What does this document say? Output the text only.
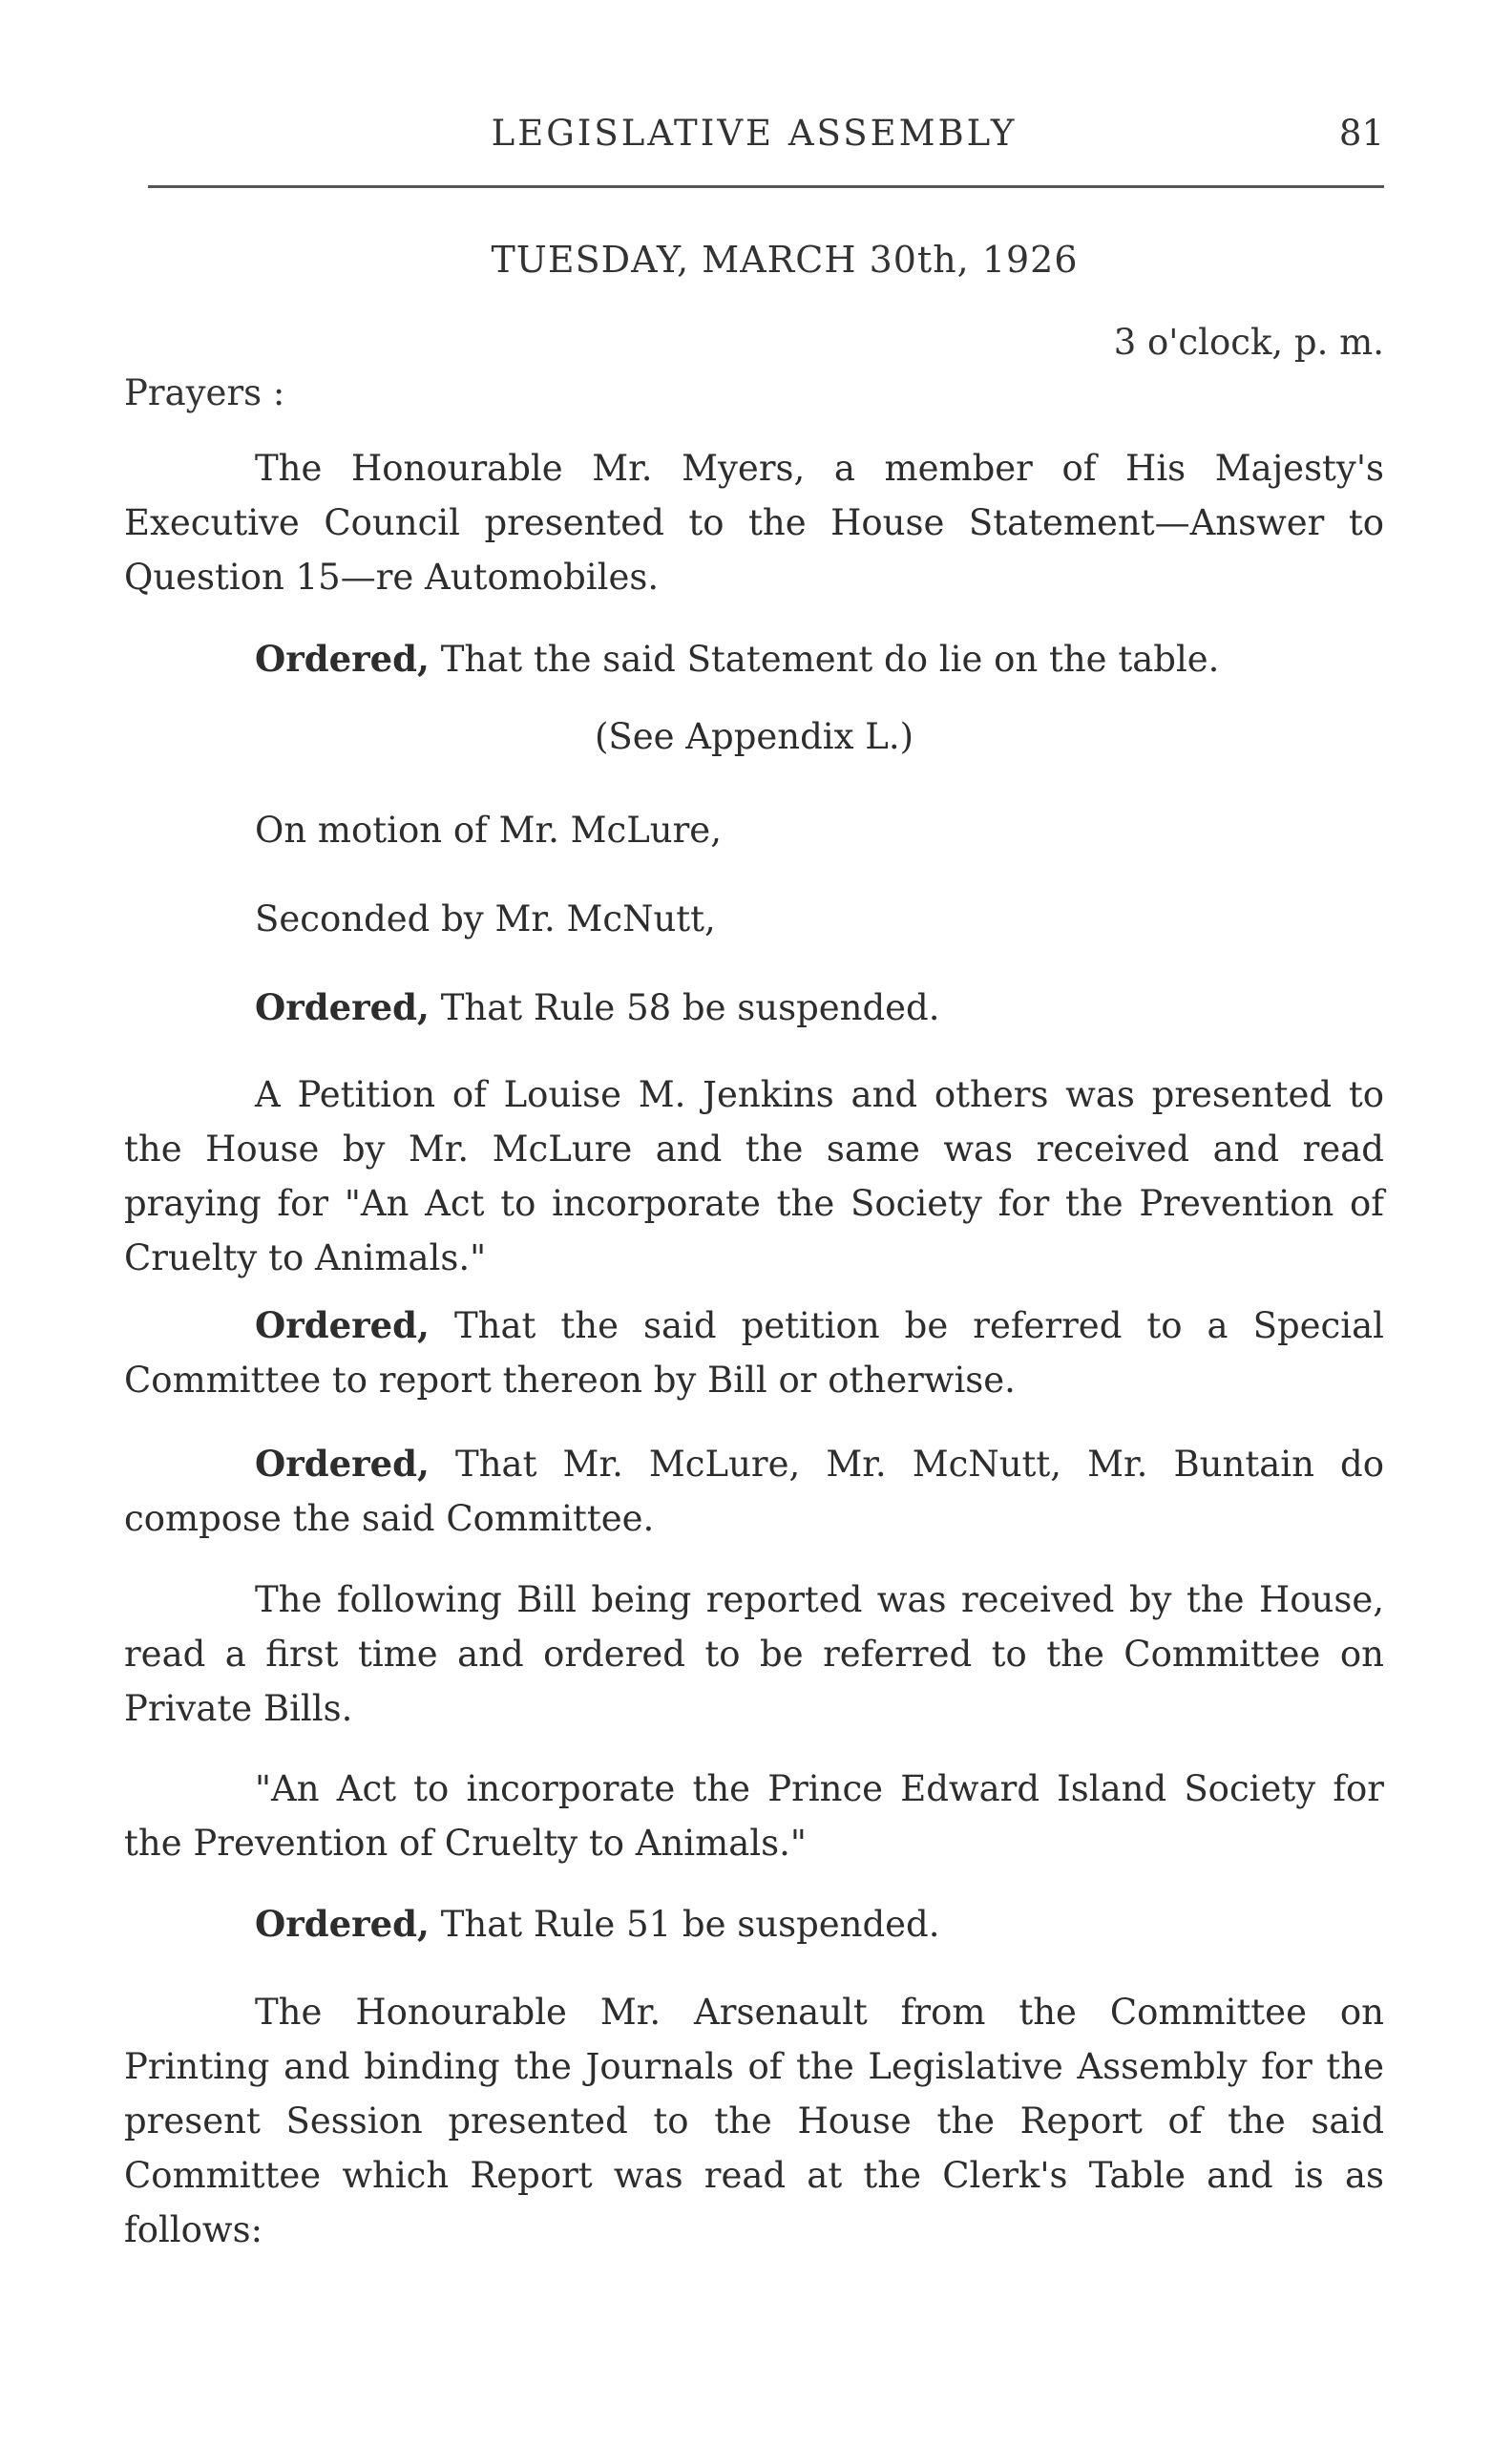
LEGISLATIVE ASSEMBLY	81
TUESDAY, MARCH 30th, 1926
3 o'clock, p. m.
Prayers :
The Honourable Mr. Myers, a member of His Majesty's Executive Council presented to the House Statement—Answer to Question 15—re Automobiles.
Ordered, That the said Statement do lie on the table.
(See Appendix L.)
On motion of Mr. McLure,
Seconded by Mr. McNutt,
Ordered, That Rule 58 be suspended.
A Petition of Louise M. Jenkins and others was presented to the House by Mr. McLure and the same was received and read praying for "An Act to incorporate the Society for the Prevention of Cruelty to Animals."
Ordered, That the said petition be referred to a Special Committee to report thereon by Bill or otherwise.
Ordered, That Mr. McLure, Mr. McNutt, Mr. Buntain do compose the said Committee.
The following Bill being reported was received by the House, read a first time and ordered to be referred to the Committee on Private Bills.
"An Act to incorporate the Prince Edward Island Society for the Prevention of Cruelty to Animals."
Ordered, That Rule 51 be suspended.
The Honourable Mr. Arsenault from the Committee on Printing and binding the Journals of the Legislative Assembly for the present Session presented to the House the Report of the said Committee which Report was read at the Clerk's Table and is as follows:
